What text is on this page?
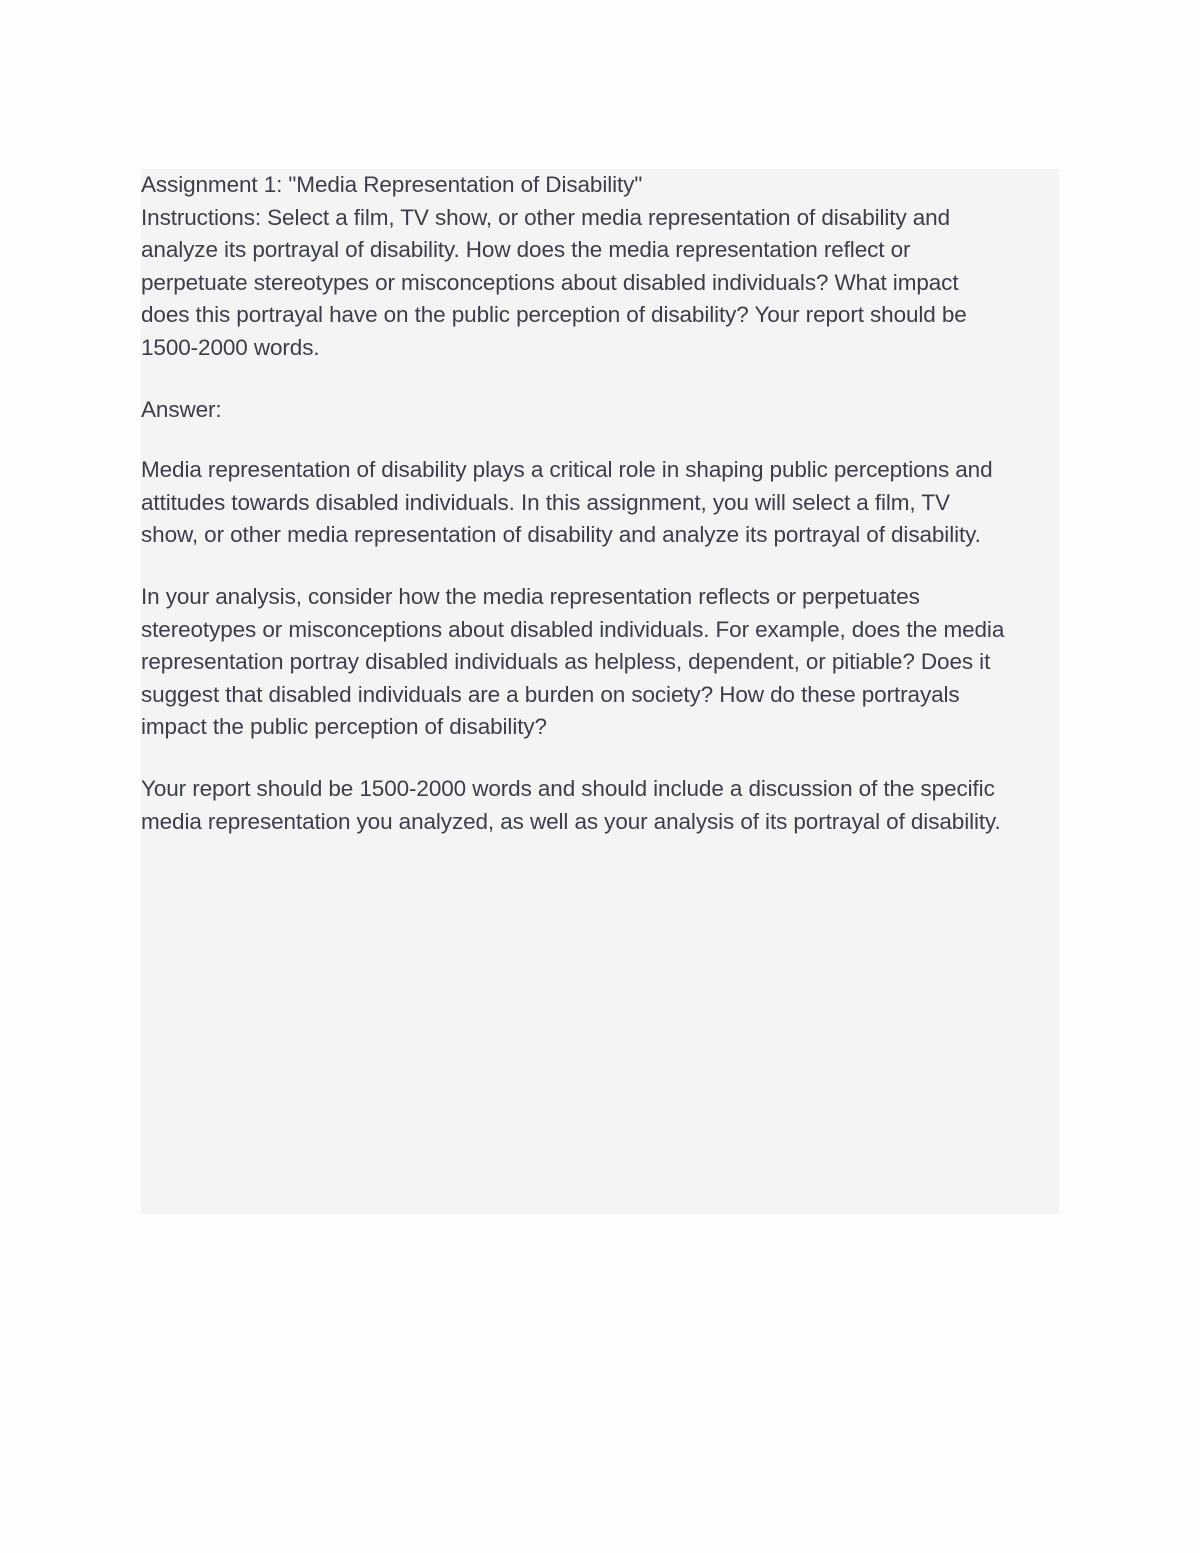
Assignment 1: "Media Representation of Disability"
Instructions: Select a film, TV show, or other media representation of disability and
analyze its portrayal of disability. How does the media representation reflect or
perpetuate stereotypes or misconceptions about disabled individuals? What impact
does this portrayal have on the public perception of disability? Your report should be
1500-2000 words.
Answer:
Media representation of disability plays a critical role in shaping public perceptions and
attitudes towards disabled individuals. In this assignment, you will select a film, TV
show, or other media representation of disability and analyze its portrayal of disability.
In your analysis, consider how the media representation reflects or perpetuates
stereotypes or misconceptions about disabled individuals. For example, does the media
representation portray disabled individuals as helpless, dependent, or pitiable? Does it
suggest that disabled individuals are a burden on society? How do these portrayals
impact the public perception of disability?
Your report should be 1500-2000 words and should include a discussion of the specific
media representation you analyzed, as well as your analysis of its portrayal of disability.
